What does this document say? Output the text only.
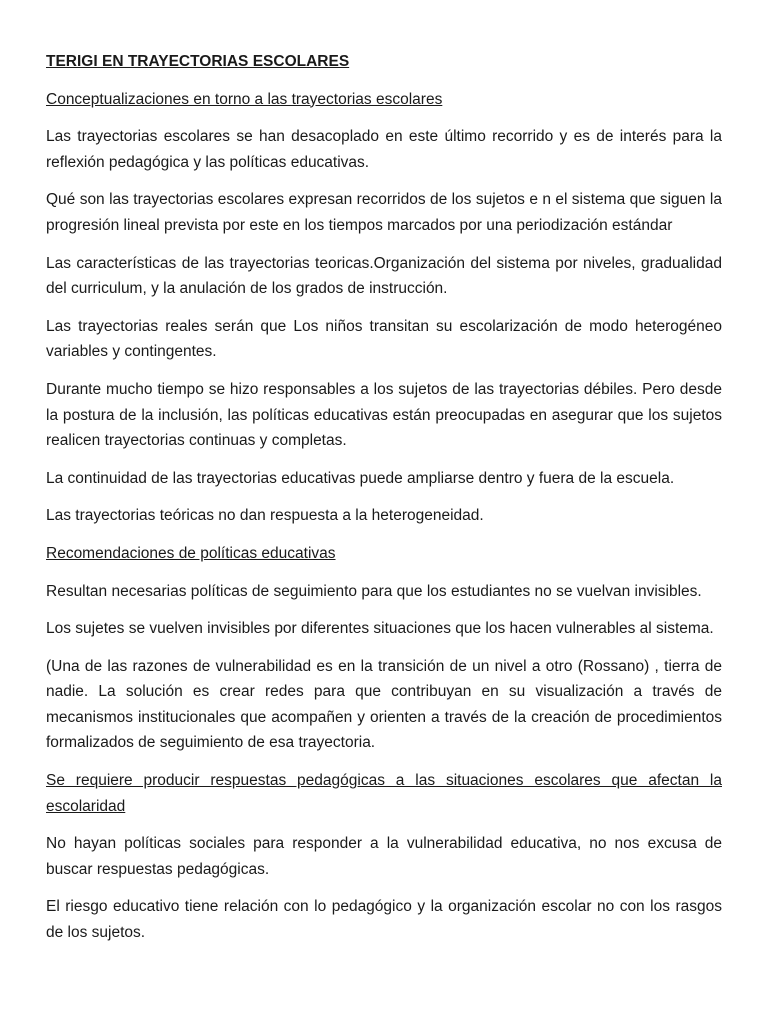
TERIGI EN TRAYECTORIAS ESCOLARES

Conceptualizaciones en torno a las trayectorias escolares

Las trayectorias escolares se han desacoplado en este último recorrido y es de interés para la reflexión pedagógica y las políticas educativas.

Qué son las trayectorias escolares expresan recorridos de los sujetos e n el sistema que siguen la progresión lineal prevista por este en los tiempos marcados por una periodización estándar

Las características de las trayectorias teoricas.Organización del sistema por niveles, gradualidad del curriculum, y la anulación de los grados de instrucción.

Las trayectorias reales serán que Los niños transitan su escolarización de modo heterogéneo variables y contingentes.

Durante mucho tiempo se hizo responsables a los sujetos de las trayectorias débiles. Pero desde la postura de la inclusión, las políticas educativas están preocupadas en asegurar que los sujetos realicen trayectorias continuas y completas.

La continuidad de las trayectorias educativas puede ampliarse dentro y fuera de la escuela.

Las trayectorias teóricas no dan respuesta a la heterogeneidad.

Recomendaciones de políticas educativas

Resultan necesarias políticas de seguimiento para que los estudiantes no se vuelvan invisibles.

Los sujetes se vuelven invisibles por diferentes situaciones que los hacen vulnerables al sistema.

(Una de las razones de vulnerabilidad es en la transición de un nivel a otro (Rossano) , tierra de nadie. La solución es crear redes para que contribuyan en su visualización a través de mecanismos institucionales que acompañen y orienten a través de la creación de procedimientos formalizados de seguimiento de esa trayectoria.

Se requiere producir respuestas pedagógicas a las situaciones escolares que afectan la escolaridad

No hayan políticas sociales para responder a la vulnerabilidad educativa, no nos excusa de buscar respuestas pedagógicas.

El riesgo educativo tiene relación con lo pedagógico y la organización escolar no con los rasgos de los sujetos.
